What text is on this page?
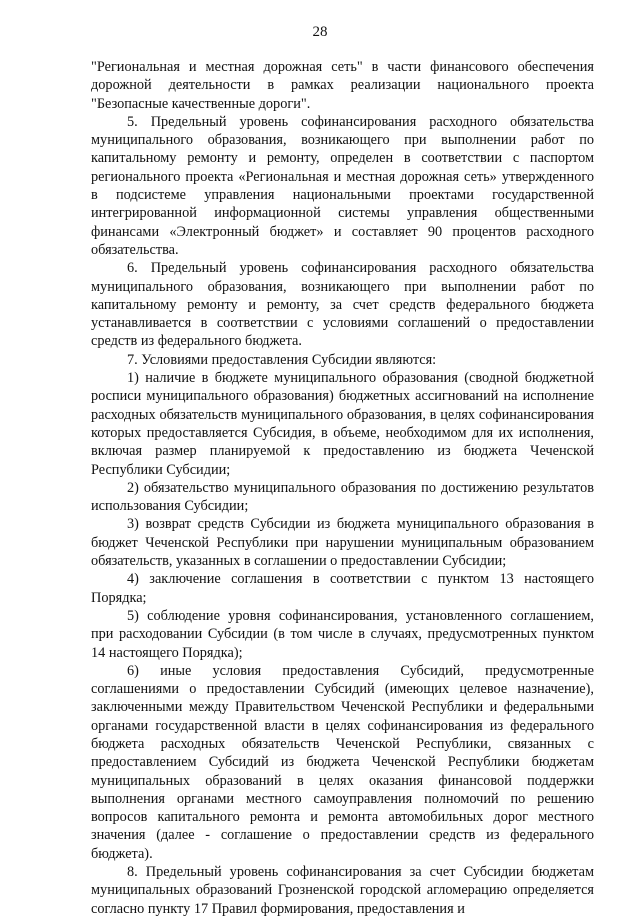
28

"Региональная и местная дорожная сеть" в части финансового обеспечения дорожной деятельности в рамках реализации национального проекта "Безопасные качественные дороги".

5. Предельный уровень софинансирования расходного обязательства муниципального образования, возникающего при выполнении работ по капитальному ремонту и ремонту, определен в соответствии с паспортом регионального проекта «Региональная и местная дорожная сеть» утвержденного в подсистеме управления национальными проектами государственной интегрированной информационной системы управления общественными финансами «Электронный бюджет» и составляет 90 процентов расходного обязательства.

6. Предельный уровень софинансирования расходного обязательства муниципального образования, возникающего при выполнении работ по капитальному ремонту и ремонту, за счет средств федерального бюджета устанавливается в соответствии с условиями соглашений о предоставлении средств из федерального бюджета.

7. Условиями предоставления Субсидии являются:

1) наличие в бюджете муниципального образования (сводной бюджетной росписи муниципального образования) бюджетных ассигнований на исполнение расходных обязательств муниципального образования, в целях софинансирования которых предоставляется Субсидия, в объеме, необходимом для их исполнения, включая размер планируемой к предоставлению из бюджета Чеченской Республики Субсидии;

2) обязательство муниципального образования по достижению результатов использования Субсидии;

3) возврат средств Субсидии из бюджета муниципального образования в бюджет Чеченской Республики при нарушении муниципальным образованием обязательств, указанных в соглашении о предоставлении Субсидии;

4) заключение соглашения в соответствии с пунктом 13 настоящего Порядка;

5) соблюдение уровня софинансирования, установленного соглашением, при расходовании Субсидии (в том числе в случаях, предусмотренных пунктом 14 настоящего Порядка);

6) иные условия предоставления Субсидий, предусмотренные соглашениями о предоставлении Субсидий (имеющих целевое назначение), заключенными между Правительством Чеченской Республики и федеральными органами государственной власти в целях софинансирования из федерального бюджета расходных обязательств Чеченской Республики, связанных с предоставлением Субсидий из бюджета Чеченской Республики бюджетам муниципальных образований в целях оказания финансовой поддержки выполнения органами местного самоуправления полномочий по решению вопросов капитального ремонта и ремонта автомобильных дорог местного значения (далее - соглашение о предоставлении средств из федерального бюджета).

8. Предельный уровень софинансирования за счет Субсидии бюджетам муниципальных образований Грозненской городской агломерацию определяется согласно пункту 17 Правил формирования, предоставления и
